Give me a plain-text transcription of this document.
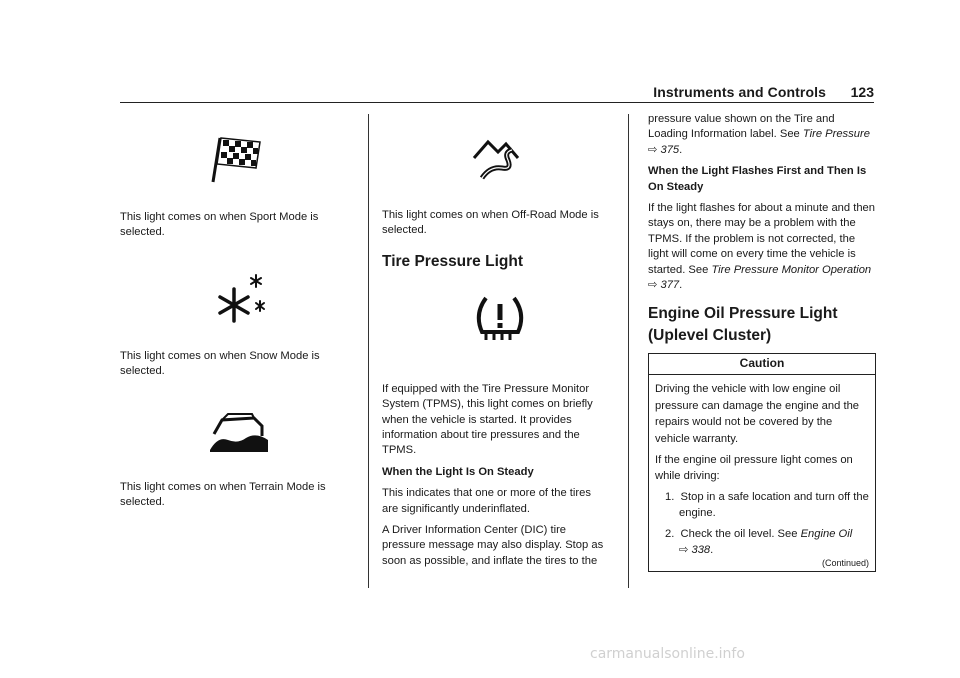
Instruments and Controls 123

This light comes on when Sport Mode is selected.

This light comes on when Snow Mode is selected.

This light comes on when Terrain Mode is selected.

This light comes on when Off-Road Mode is selected.

Tire Pressure Light

If equipped with the Tire Pressure Monitor System (TPMS), this light comes on briefly when the vehicle is started. It provides information about tire pressures and the TPMS.

When the Light Is On Steady

This indicates that one or more of the tires are significantly underinflated.

A Driver Information Center (DIC) tire pressure message may also display. Stop as soon as possible, and inflate the tires to the

pressure value shown on the Tire and Loading Information label. See Tire Pressure
⇨ 375.

When the Light Flashes First and Then Is On Steady

If the light flashes for about a minute and then stays on, there may be a problem with the TPMS. If the problem is not corrected, the light will come on every time the vehicle is started. See Tire Pressure Monitor Operation ⇨ 377.

Engine Oil Pressure Light (Uplevel Cluster)
Caution

Driving the vehicle with low engine oil pressure can damage the engine and the repairs would not be covered by the vehicle warranty.

If the engine oil pressure light comes on while driving:

1.  Stop in a safe location and turn off the engine.

2.  Check the oil level. See Engine Oil
⇨ 338.

(Continued)
carmanualsonline.info
